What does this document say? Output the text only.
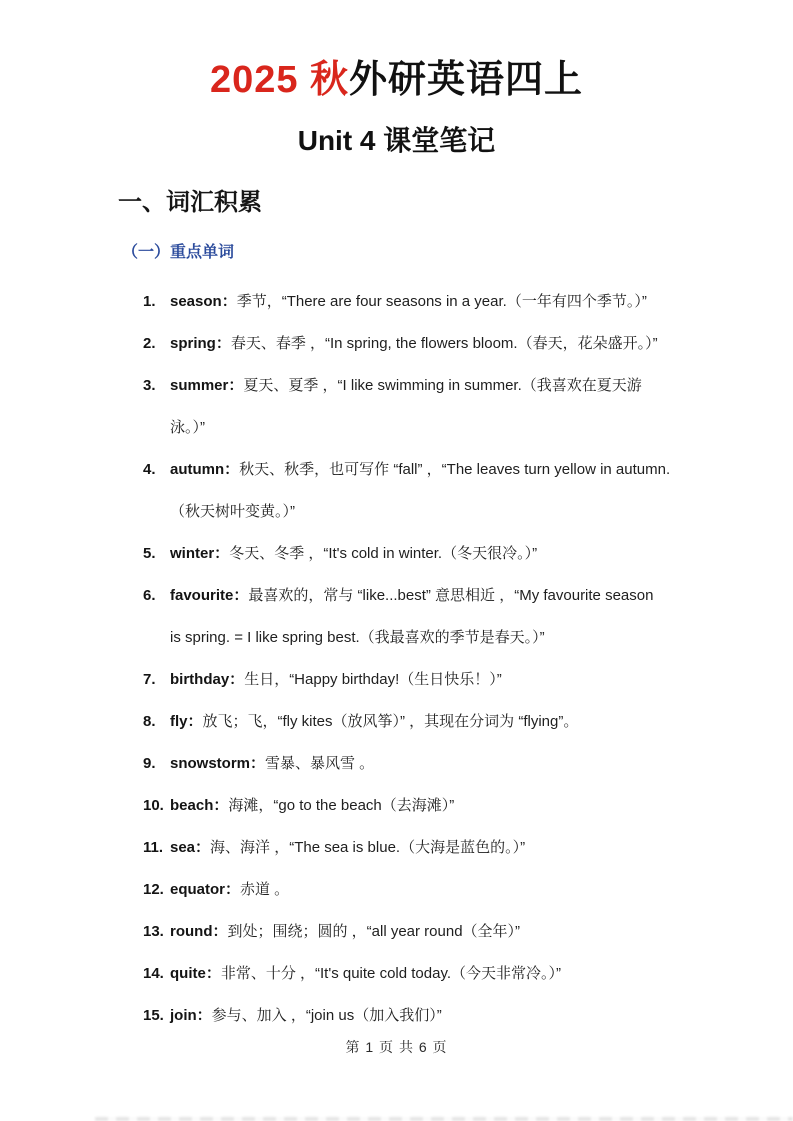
2025 秋外研英语四上
Unit 4 课堂笔记
一、词汇积累
（一）重点单词
1. season：季节，“There are four seasons in a year.（一年有四个季节。）”
2. spring：春天、春季 ，“In spring, the flowers bloom.（春天，花朵盛开。）”
3. summer：夏天、夏季 ，“I like swimming in summer.（我喜欢在夏天游
泳。）”
4. autumn：秋天、秋季，也可写作 “fall” ，“The leaves turn yellow in autumn.
（秋天树叶变黄。）”
5. winter：冬天、冬季 ，“It's cold in winter.（冬天很冷。）”
6. favourite：最喜欢的，常与 “like...best” 意思相近 ，“My favourite season
is spring. = I like spring best.（我最喜欢的季节是春天。）”
7. birthday：生日，“Happy birthday!（生日快乐！）”
8. fly：放飞；飞，“fly kites（放风筝）” ，其现在分词为 “flying”。
9. snowstorm：雪暴、暴风雪 。
10. beach：海滩，“go to the beach（去海滩）”
11. sea：海、海洋 ，“The sea is blue.（大海是蓝色的。）”
12. equator：赤道 。
13. round：到处；围绕；圆的 ，“all year round（全年）”
14. quite：非常、十分 ，“It's quite cold today.（今天非常冷。）”
15. join：参与、加入 ，“join us（加入我们）”
第 1 页 共 6 页
